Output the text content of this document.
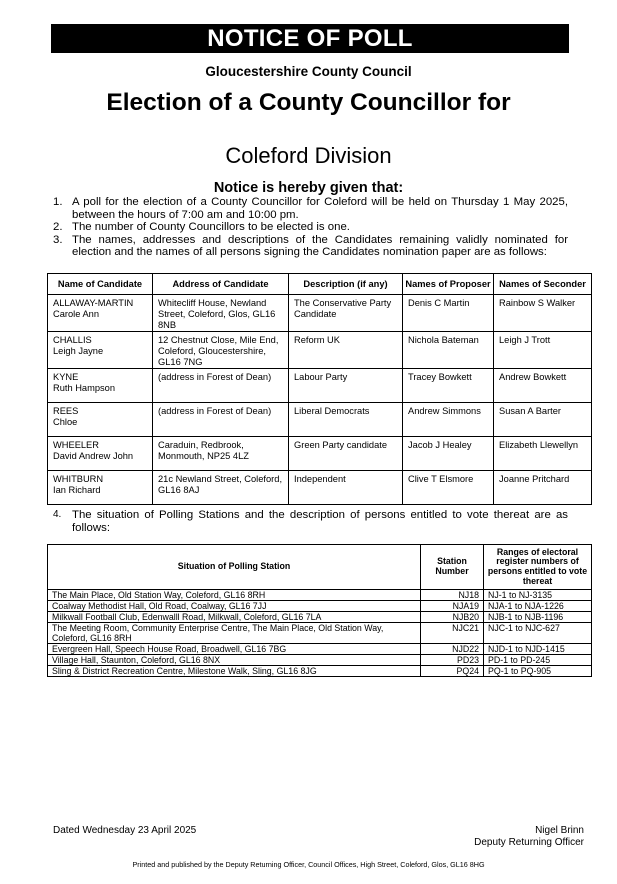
NOTICE OF POLL
Gloucestershire County Council
Election of a County Councillor for
Coleford Division
Notice is hereby given that:
1. A poll for the election of a County Councillor for Coleford will be held on Thursday 1 May 2025, between the hours of 7:00 am and 10:00 pm.
2. The number of County Councillors to be elected is one.
3. The names, addresses and descriptions of the Candidates remaining validly nominated for election and the names of all persons signing the Candidates nomination paper are as follows:
Name of Candidate	Address of Candidate	Description (if any)	Names of Proposer	Names of Seconder

ALLAWAY-MARTIN
Carole Ann	Whitecliff House, Newland Street, Coleford, Glos, GL16 8NB	The Conservative Party Candidate	Denis C Martin	Rainbow S Walker

CHALLIS
Leigh Jayne	12 Chestnut Close, Mile End, Coleford, Gloucestershire, GL16 7NG	Reform UK	Nichola Bateman	Leigh J Trott

KYNE
Ruth Hampson	(address in Forest of Dean)	Labour Party	Tracey Bowkett	Andrew Bowkett

REES
Chloe	(address in Forest of Dean)	Liberal Democrats	Andrew Simmons	Susan A Barter

WHEELER
David Andrew John	Caraduin, Redbrook, Monmouth, NP25 4LZ	Green Party candidate	Jacob J Healey	Elizabeth Llewellyn

WHITBURN
Ian Richard	21c Newland Street, Coleford, GL16 8AJ	Independent	Clive T Elsmore	Joanne Pritchard
4. The situation of Polling Stations and the description of persons entitled to vote thereat are as follows:
Situation of Polling Station	Station Number	Ranges of electoral register numbers of persons entitled to vote thereat
The Main Place, Old Station Way, Coleford, GL16 8RH	NJ18	NJ-1 to NJ-3135
Coalway Methodist Hall, Old Road, Coalway, GL16 7JJ	NJA19	NJA-1 to NJA-1226
Milkwall Football Club, Edenwalll Road, Milkwall, Coleford, GL16 7LA	NJB20	NJB-1 to NJB-1196
The Meeting Room, Community Enterprise Centre, The Main Place, Old Station Way, Coleford, GL16 8RH	NJC21	NJC-1 to NJC-627
Evergreen Hall, Speech House Road, Broadwell, GL16 7BG	NJD22	NJD-1 to NJD-1415
Village Hall, Staunton, Coleford, GL16 8NX	PD23	PD-1 to PD-245
Sling & District Recreation Centre, Milestone Walk, Sling, GL16 8JG	PQ24	PQ-1 to PQ-905
Dated Wednesday 23 April 2025	Nigel Brinn
Deputy Returning Officer
Printed and published by the Deputy Returning Officer, Council Offices, High Street, Coleford, Glos, GL16 8HG
